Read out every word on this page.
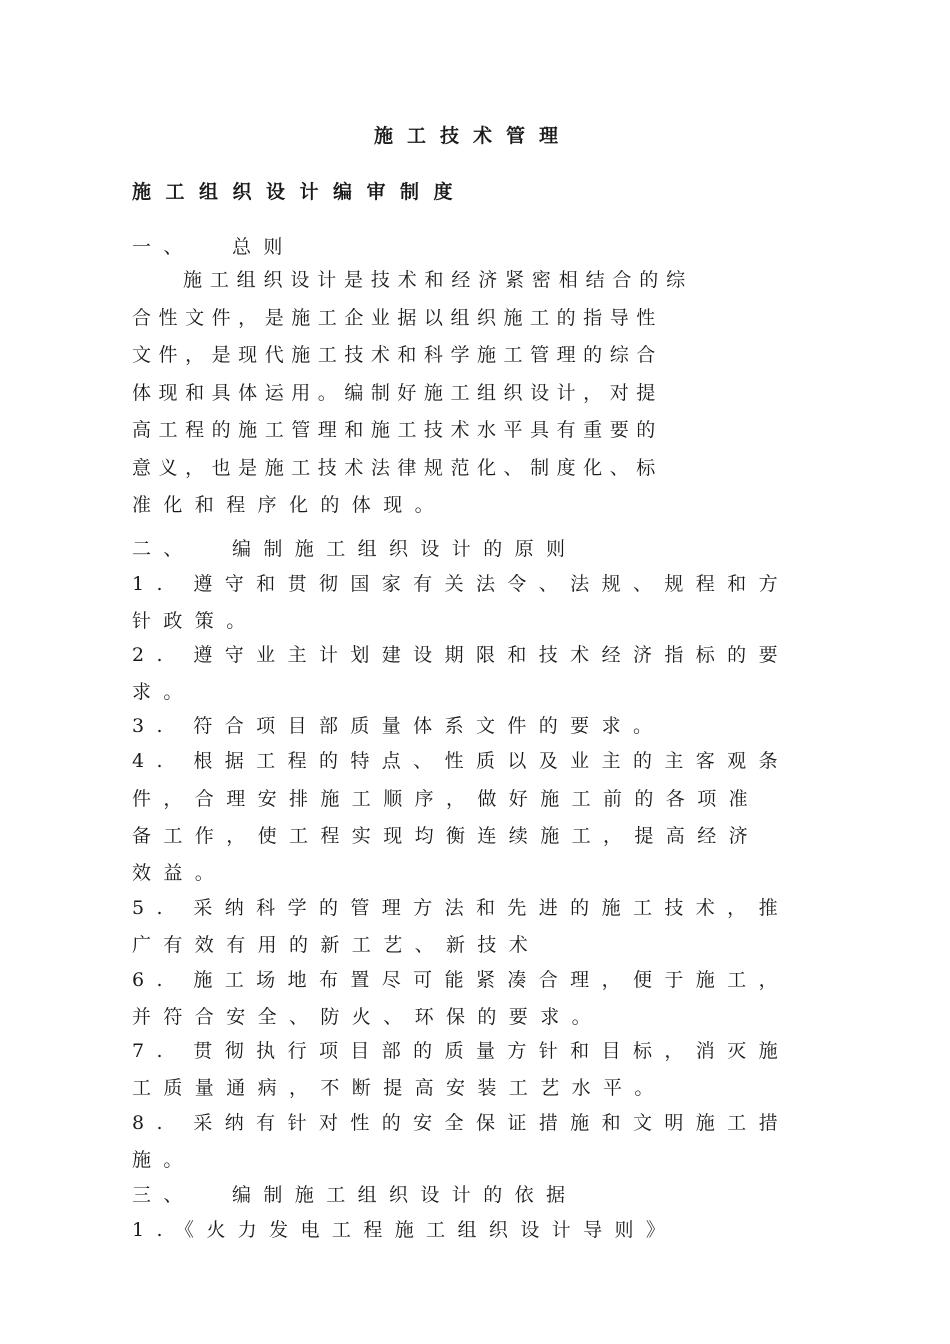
施工技术管理
施工组织设计编审制度
一、 总则
施 工 组 织 设 计 是 技 术 和 经 济 紧 密 相 结 合 的 综
合 性 文 件 ， 是 施 工 企 业 据 以 组 织 施 工 的 指 导 性
文 件 ， 是 现 代 施 工 技 术 和 科 学 施 工 管 理 的 综 合
体 现 和 具 体 运 用 。 编 制 好 施 工 组 织 设 计 ， 对 提
高 工 程 的 施 工 管 理 和 施 工 技 术 水 平 具 有 重 要 的
意 义 ， 也 是 施 工 技 术 法 律 规 范 化 、 制 度 化 、 标
准化和程序化的体现。
二、 编制施工组织设计的原则
1. 遵守和贯彻国家有关法令、法规、规程和方
针政策。
2. 遵守业主计划建设期限和技术经济指标的要
求。
3. 符合项目部质量体系文件的要求。
4. 根据工程的特点、性质以及业主的主客观条
件，合理安排施工顺序，做好施工前的各项准
备工作，使工程实现均衡连续施工，提高经济
效益。
5. 采纳科学的管理方法和先进的施工技术，推
广有效有用的新工艺、新技术
6. 施工场地布置尽可能紧凑合理，便于施工，
并符合安全、防火、环保的要求。
7. 贯彻执行项目部的质量方针和目标，消灭施
工质量通病，不断提高安装工艺水平。
8. 采纳有针对性的安全保证措施和文明施工措
施。
三、 编制施工组织设计的依据
1.《火力发电工程施工组织设计导则》
